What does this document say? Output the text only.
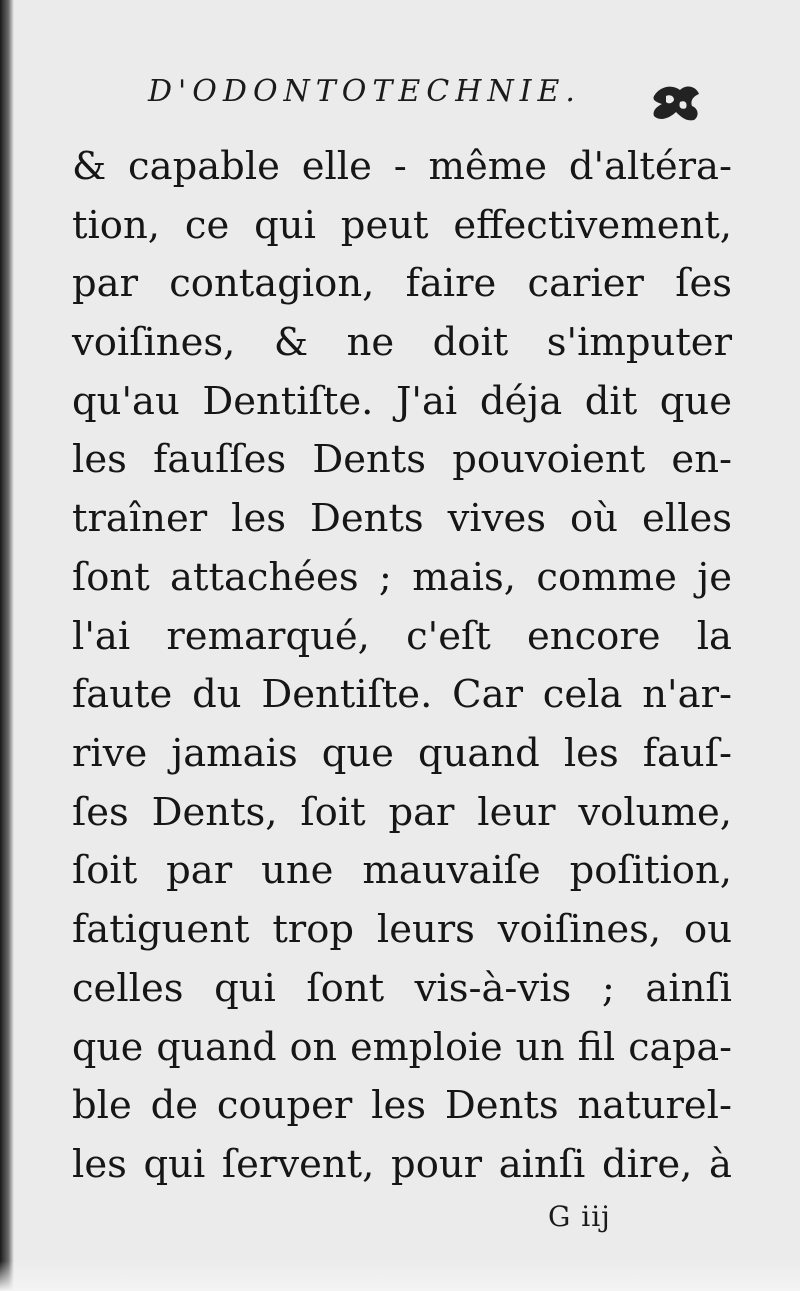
D'ODONTOTECHNIE.
& capable elle - même d'altéra-
tion, ce qui peut effectivement,
par contagion, faire carier ſes
voiſines, & ne doit s'imputer
qu'au Dentiſte. J'ai déja dit que
les fauſſes Dents pouvoient en-
traîner les Dents vives où elles
ſont attachées ; mais, comme je
l'ai remarqué, c'eſt encore la
faute du Dentiſte. Car cela n'ar-
rive jamais que quand les fauſ-
ſes Dents, ſoit par leur volume,
ſoit par une mauvaiſe poſition,
fatiguent trop leurs voiſines, ou
celles qui ſont vis-à-vis ; ainſi
que quand on emploie un fil capa-
ble de couper les Dents naturel-
les qui ſervent, pour ainſi dire, à
G iij
